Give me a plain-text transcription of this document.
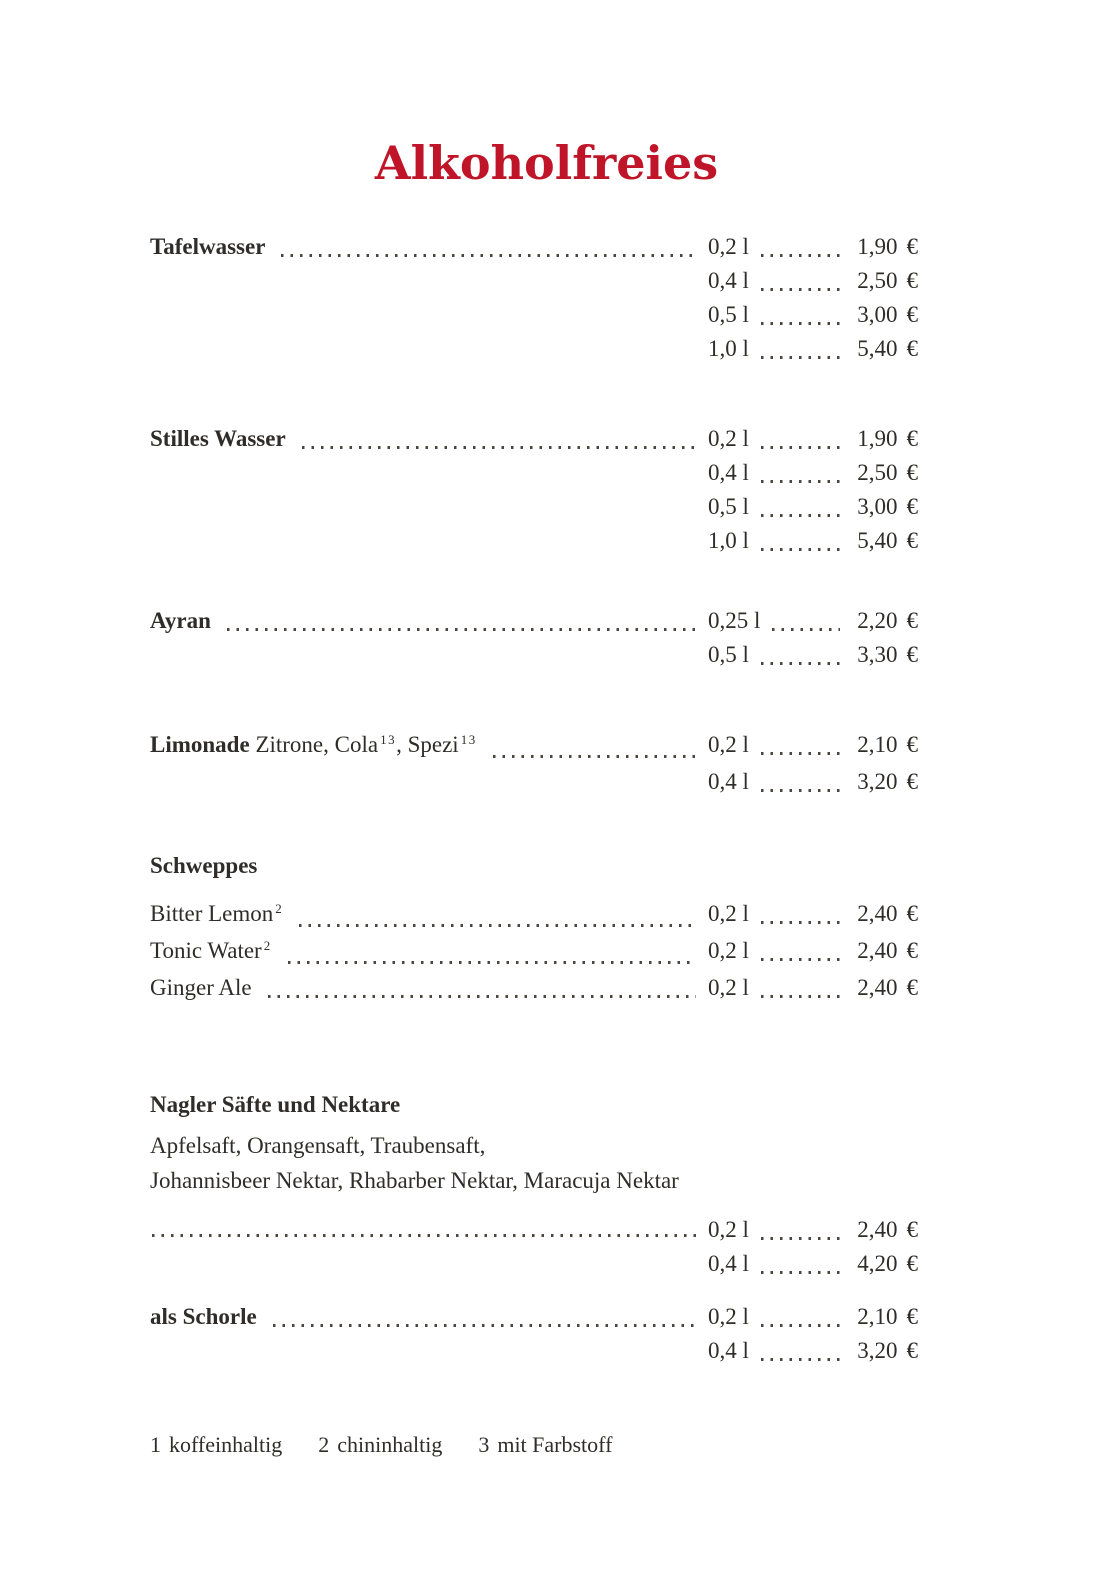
Alkoholfreies
Tafelwasser	0,2 l	1,90 €
0,4 l	2,50 €
0,5 l	3,00 €
1,0 l	5,40 €
Stilles Wasser	0,2 l	1,90 €
0,4 l	2,50 €
0,5 l	3,00 €
1,0 l	5,40 €
Ayran	0,25 l	2,20 €
0,5 l	3,30 €
Limonade Zitrone, Cola 13 , Spezi 13	0,2 l	2,10 €
0,4 l	3,20 €
Schweppes
Bitter Lemon 2	0,2 l	2,40 €
Tonic Water 2	0,2 l	2,40 €
Ginger Ale	0,2 l	2,40 €
Nagler Säfte und Nektare
Apfelsaft, Orangensaft, Traubensaft,
Johannisbeer Nektar, Rhabarber Nektar, Maracuja Nektar
0,2 l	2,40 €
0,4 l	4,20 €
als Schorle	0,2 l	2,10 €
0,4 l	3,20 €
1 koffeinhaltig 2 chininhaltig 3 mit Farbstoff
